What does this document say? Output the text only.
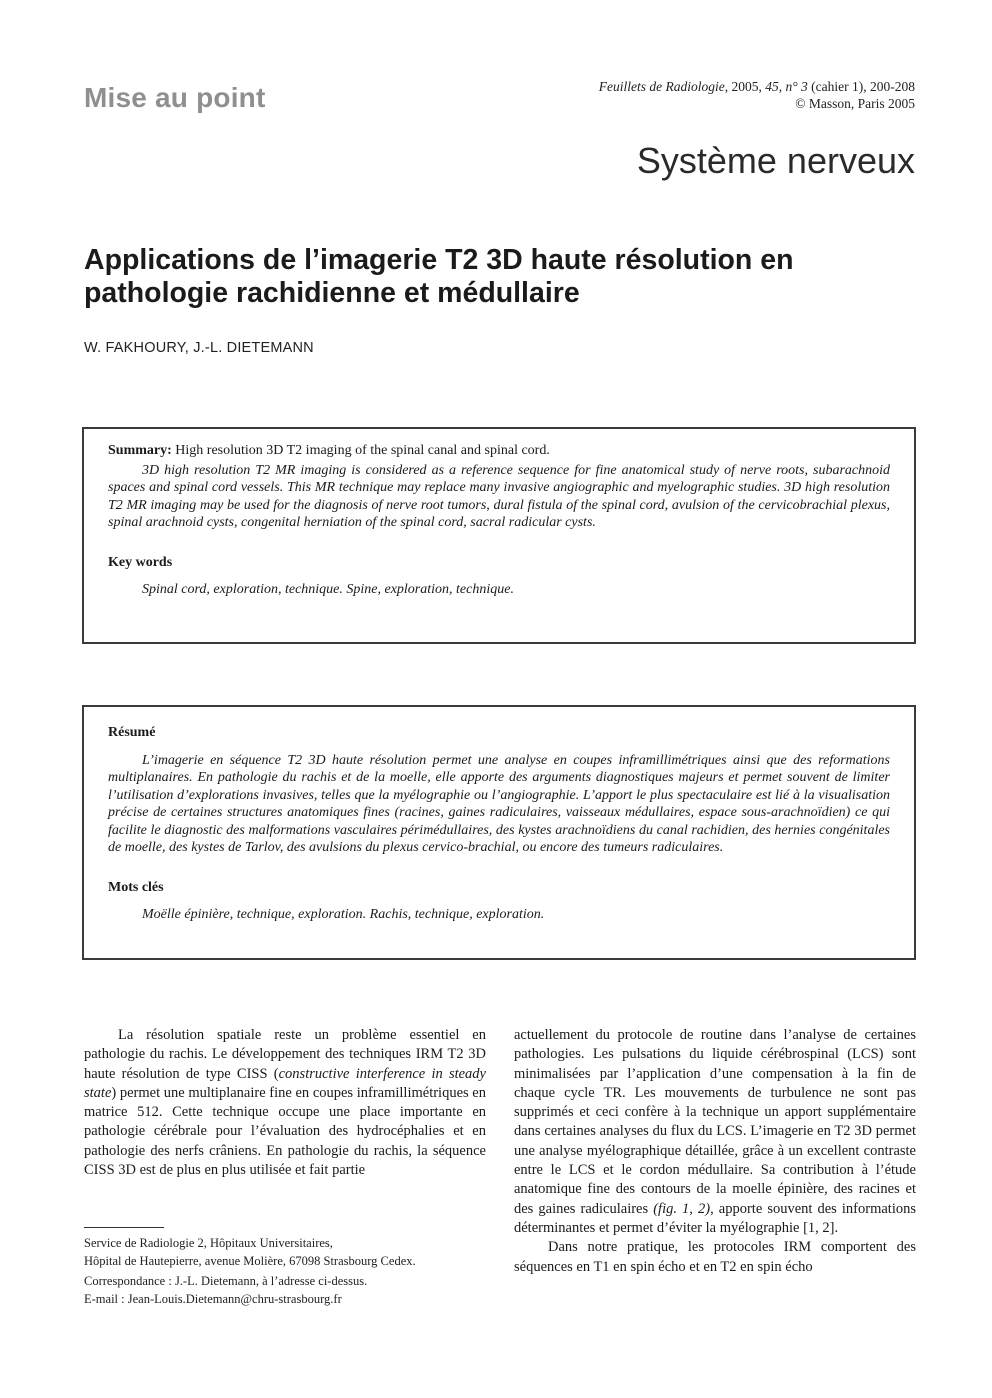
Mise au point	Feuillets de Radiologie, 2005, 45, n° 3 (cahier 1), 200-208
© Masson, Paris 2005
Système nerveux
Applications de l’imagerie T2 3D haute résolution en pathologie rachidienne et médullaire
W. FAKHOURY, J.-L. DIETEMANN

Summary: High resolution 3D T2 imaging of the spinal canal and spinal cord.

3D high resolution T2 MR imaging is considered as a reference sequence for fine anatomical study of nerve roots, subarachnoid spaces and spinal cord vessels. This MR technique may replace many invasive angiographic and myelographic studies. 3D high resolution T2 MR imaging may be used for the diagnosis of nerve root tumors, dural fistula of the spinal cord, avulsion of the cervicobrachial plexus, spinal arachnoid cysts, congenital herniation of the spinal cord, sacral radicular cysts.

Key words

Spinal cord, exploration, technique. Spine, exploration, technique.

Résumé

L’imagerie en séquence T2 3D haute résolution permet une analyse en coupes inframillimétriques ainsi que des reformations multiplanaires. En pathologie du rachis et de la moelle, elle apporte des arguments diagnostiques majeurs et permet souvent de limiter l’utilisation d’explorations invasives, telles que la myélographie ou l’angiographie. L’apport le plus spectaculaire est lié à la visualisation précise de certaines structures anatomiques fines (racines, gaines radiculaires, vaisseaux médullaires, espace sous-arachnoïdien) ce qui facilite le diagnostic des malformations vasculaires périmédullaires, des kystes arachnoïdiens du canal rachidien, des hernies congénitales de moelle, des kystes de Tarlov, des avulsions du plexus cervico-brachial, ou encore des tumeurs radiculaires.

Mots clés

Moëlle épinière, technique, exploration. Rachis, technique, exploration.

La résolution spatiale reste un problème essentiel en pathologie du rachis. Le développement des techniques IRM T2 3D haute résolution de type CISS (constructive interference in steady state) permet une multiplanaire fine en coupes inframillimétriques en matrice 512. Cette technique occupe une place importante en pathologie cérébrale pour l’évaluation des hydrocéphalies et en pathologie des nerfs crâniens. En pathologie du rachis, la séquence CISS 3D est de plus en plus utilisée et fait partie

actuellement du protocole de routine dans l’analyse de certaines pathologies. Les pulsations du liquide cérébrospinal (LCS) sont minimalisées par l’application d’une compensation à la fin de chaque cycle TR. Les mouvements de turbulence ne sont pas supprimés et ceci confère à la technique un apport supplémentaire dans certaines analyses du flux du LCS. L’imagerie en T2 3D permet une analyse myélographique détaillée, grâce à un excellent contraste entre le LCS et le cordon médullaire. Sa contribution à l’étude anatomique fine des contours de la moelle épinière, des racines et des gaines radiculaires (fig. 1, 2), apporte souvent des informations déterminantes et permet d’éviter la myélographie [1, 2].

Dans notre pratique, les protocoles IRM comportent des séquences en T1 en spin écho et en T2 en spin écho

Service de Radiologie 2, Hôpitaux Universitaires,
Hôpital de Hautepierre, avenue Molière, 67098 Strasbourg Cedex.
Correspondance : J.-L. Dietemann, à l’adresse ci-dessus.
E-mail : Jean-Louis.Dietemann@chru-strasbourg.fr
